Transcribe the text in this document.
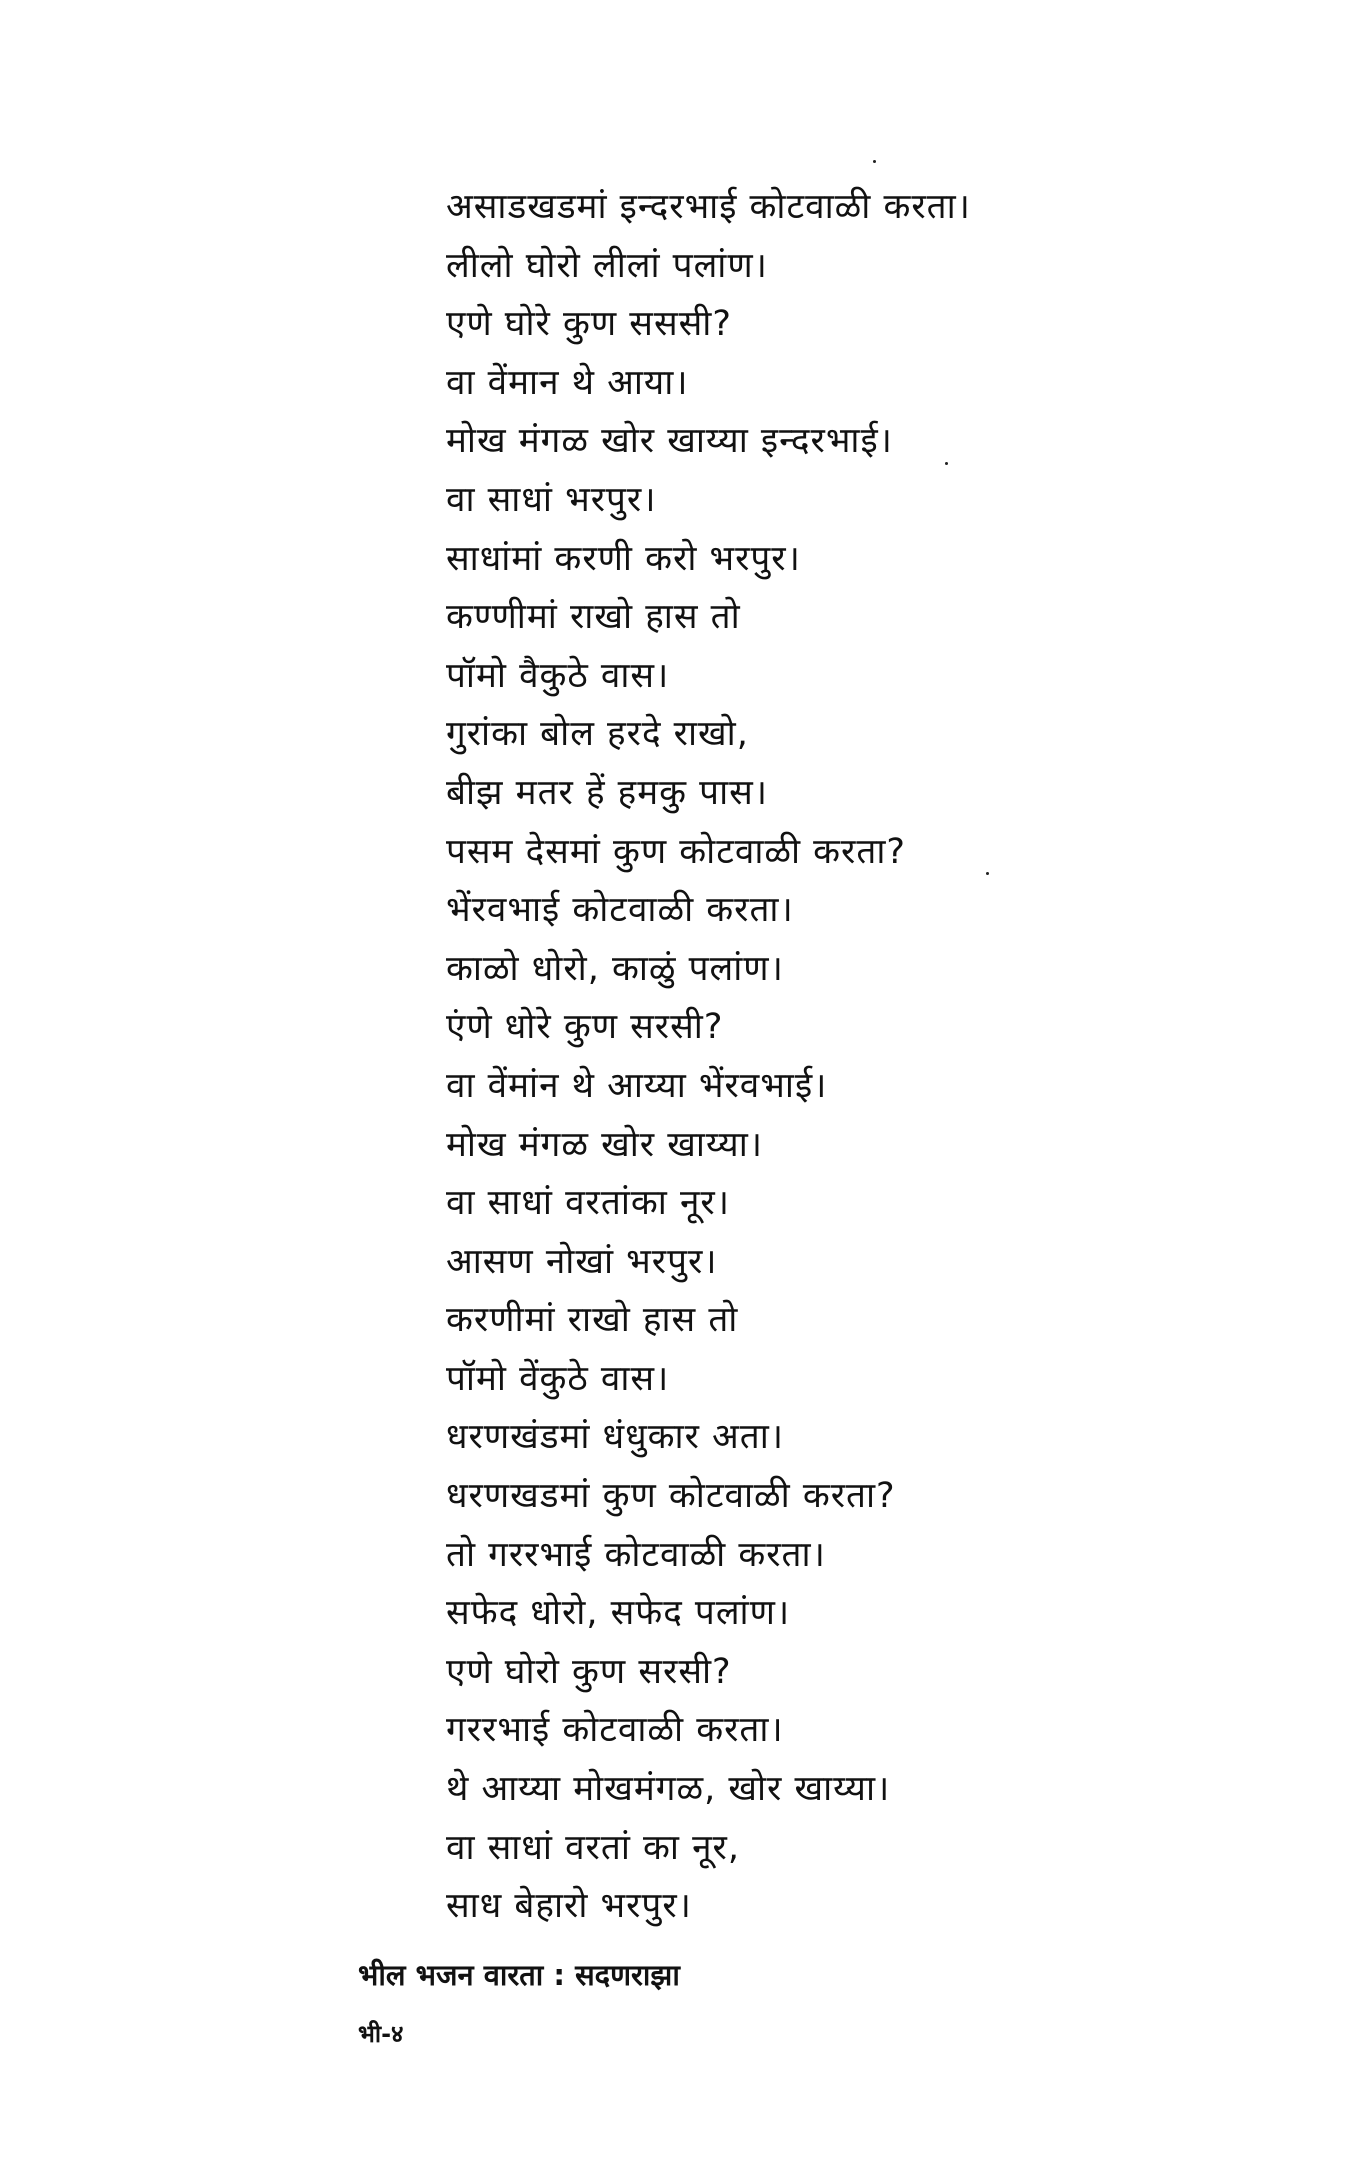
असाडखडमां इन्दरभाई कोटवाळी करता।
लीलो घोरो लीलां पलांण।
एणे घोरे कुण सससी?
वा वेंमान थे आया।
मोख मंगळ खोर खाय्या इन्दरभाई।
वा साधां भरपुर।
साधांमां करणी करो भरपुर।
कण्णीमां राखो हास तो
पॉमो वैकुठे वास।
गुरांका बोल हरदे राखो,
बीझ मतर हें हमकु पास।
पसम देसमां कुण कोटवाळी करता?
भेंरवभाई कोटवाळी करता।
काळो धोरो, काळुं पलांण।
एंणे धोरे कुण सरसी?
वा वेंमांन थे आय्या भेंरवभाई।
मोख मंगळ खोर खाय्या।
वा साधां वरतांका नूर।
आसण नोखां भरपुर।
करणीमां राखो हास तो
पॉमो वेंकुठे वास।
धरणखंडमां धंधुकार अता।
धरणखडमां कुण कोटवाळी करता?
तो गररभाई कोटवाळी करता।
सफेद धोरो, सफेद पलांण।
एणे घोरो कुण सरसी?
गररभाई कोटवाळी करता।
थे आय्या मोखमंगळ, खोर खाय्या।
वा साधां वरतां का नूर,
साध बेहारो भरपुर।
भील भजन वारता : सदणराझा
भी-४
